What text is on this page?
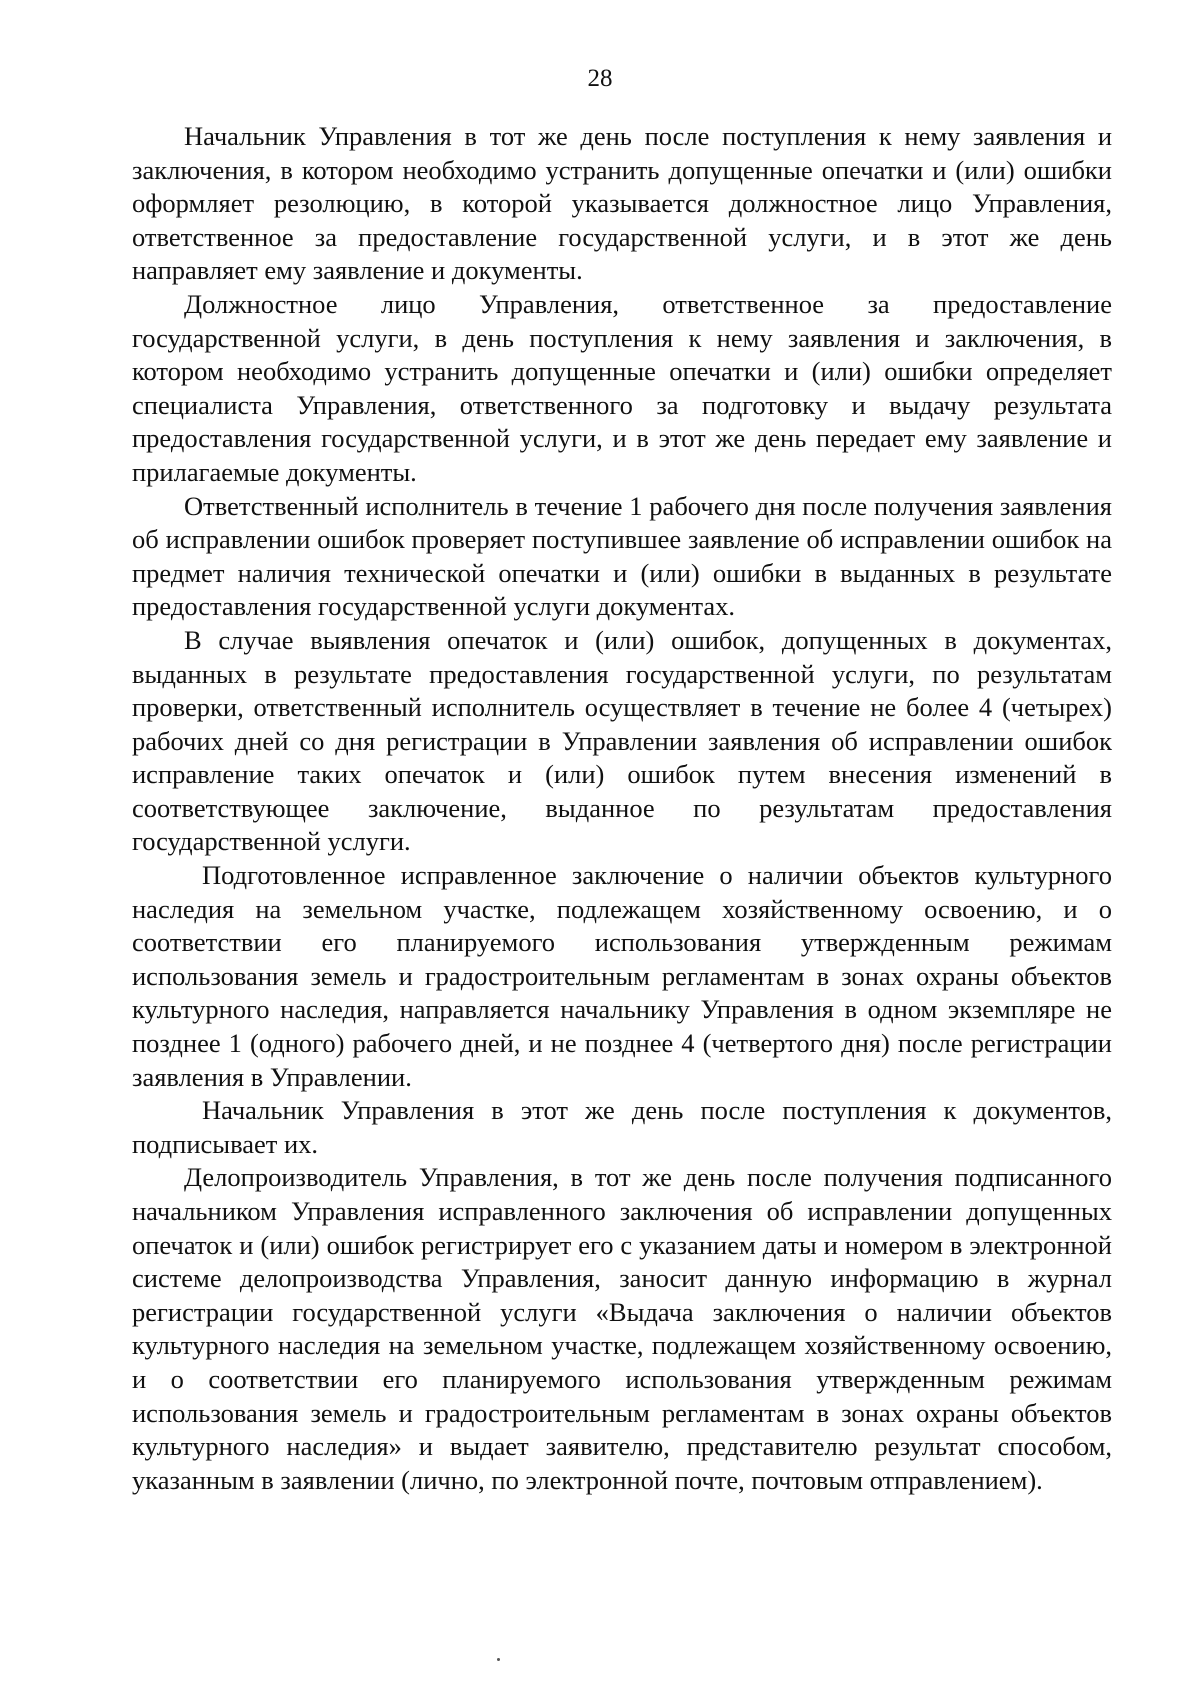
28

Начальник Управления в тот же день после поступления к нему заявления и заключения, в котором необходимо устранить допущенные опечатки и (или) ошибки оформляет резолюцию, в которой указывается должностное лицо Управления, ответственное за предоставление государственной услуги, и в этот же день направляет ему заявление и документы.

Должностное лицо Управления, ответственное за предоставление государственной услуги, в день поступления к нему заявления и заключения, в котором необходимо устранить допущенные опечатки и (или) ошибки определяет специалиста Управления, ответственного за подготовку и выдачу результата предоставления государственной услуги, и в этот же день передает ему заявление и прилагаемые документы.

Ответственный исполнитель в течение 1 рабочего дня после получения заявления об исправлении ошибок проверяет поступившее заявление об исправлении ошибок на предмет наличия технической опечатки и (или) ошибки в выданных в результате предоставления государственной услуги документах.

В случае выявления опечаток и (или) ошибок, допущенных в документах, выданных в результате предоставления государственной услуги, по результатам проверки, ответственный исполнитель осуществляет в течение не более 4 (четырех) рабочих дней со дня регистрации в Управлении заявления об исправлении ошибок исправление таких опечаток и (или) ошибок путем внесения изменений в соответствующее заключение, выданное по результатам предоставления государственной услуги.

Подготовленное исправленное заключение о наличии объектов культурного наследия на земельном участке, подлежащем хозяйственному освоению, и о соответствии его планируемого использования утвержденным режимам использования земель и градостроительным регламентам в зонах охраны объектов культурного наследия, направляется начальнику Управления в одном экземпляре не позднее 1 (одного) рабочего дней, и не позднее 4 (четвертого дня) после регистрации заявления в Управлении.

Начальник Управления в этот же день после поступления к документов, подписывает их.

Делопроизводитель Управления, в тот же день после получения подписанного начальником Управления исправленного заключения об исправлении допущенных опечаток и (или) ошибок регистрирует его с указанием даты и номером в электронной системе делопроизводства Управления, заносит данную информацию в журнал регистрации государственной услуги «Выдача заключения о наличии объектов культурного наследия на земельном участке, подлежащем хозяйственному освоению, и о соответствии его планируемого использования утвержденным режимам использования земель и градостроительным регламентам в зонах охраны объектов культурного наследия» и выдает заявителю, представителю результат способом, указанным в заявлении (лично, по электронной почте, почтовым отправлением).
